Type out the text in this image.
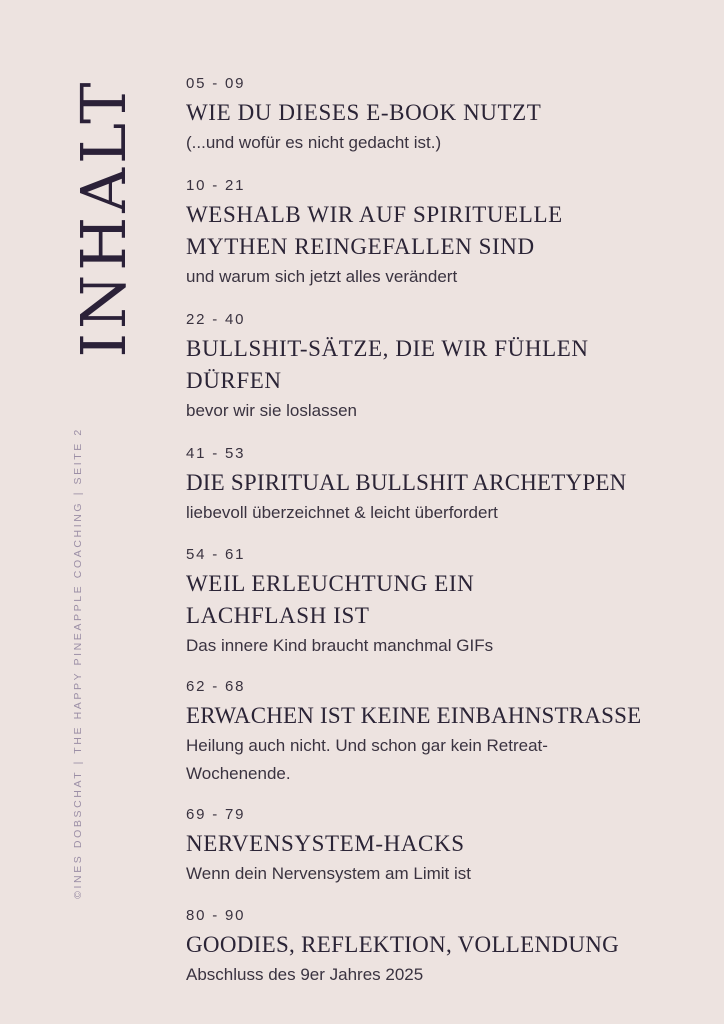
INHALT
©INES DOBSCHAT | THE HAPPY PINEAPPLE COACHING | SEITE 2

05 - 09

WIE DU DIESES E-BOOK NUTZT

(...und wofür es nicht gedacht ist.)

10 - 21

WESHALB WIR AUF SPIRITUELLE MYTHEN REINGEFALLEN SIND

und warum sich jetzt alles verändert

22 - 40

BULLSHIT-SÄTZE, DIE WIR FÜHLEN DÜRFEN

bevor wir sie loslassen

41 - 53

DIE SPIRITUAL BULLSHIT ARCHETYPEN

liebevoll überzeichnet & leicht überfordert

54 - 61

WEIL ERLEUCHTUNG EIN LACHFLASH IST

Das innere Kind braucht manchmal GIFs

62 - 68

ERWACHEN IST KEINE EINBAHNSTRASSE

Heilung auch nicht. Und schon gar kein Retreat-Wochenende.

69 - 79

NERVENSYSTEM-HACKS

Wenn dein Nervensystem am Limit ist

80 - 90

GOODIES, REFLEKTION, VOLLENDUNG

Abschluss des 9er Jahres 2025
